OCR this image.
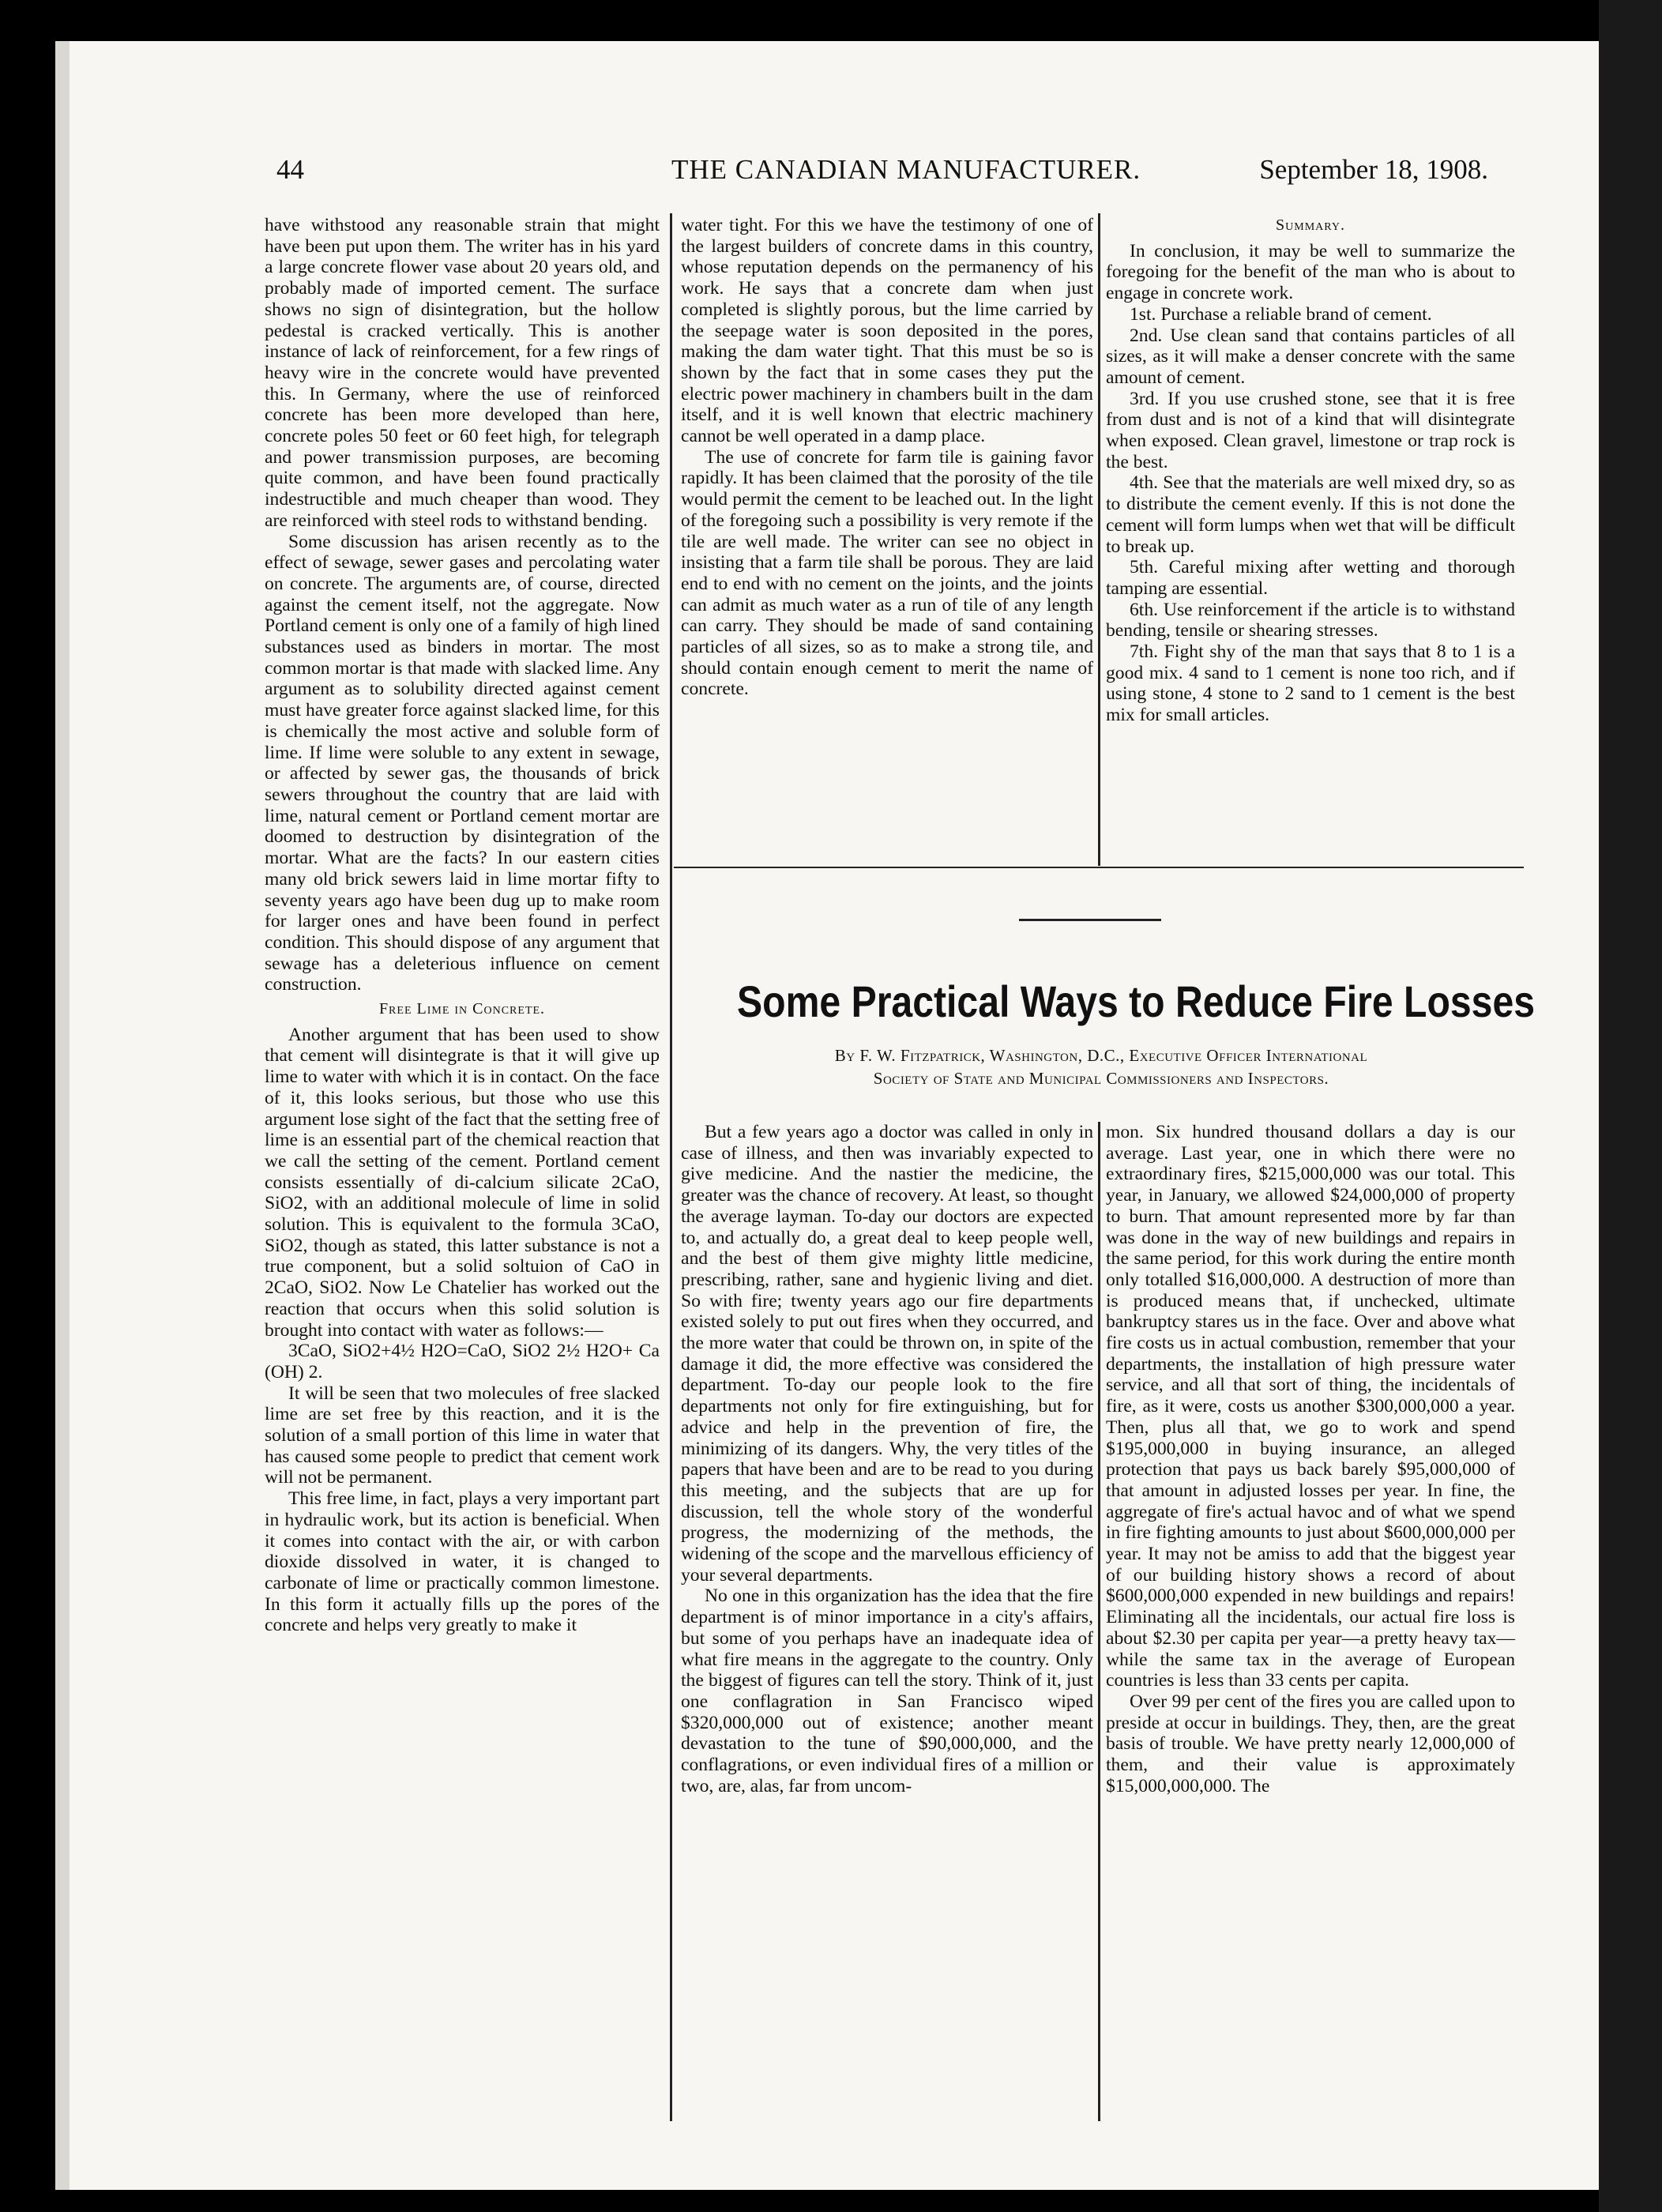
44	THE CANADIAN MANUFACTURER.	September 18, 1908.

have withstood any reasonable strain that might have been put upon them. The writer has in his yard a large concrete flower vase about 20 years old, and probably made of imported cement. The surface shows no sign of disintegration, but the hollow pedestal is cracked vertically. This is another instance of lack of reinforcement, for a few rings of heavy wire in the concrete would have prevented this. In Germany, where the use of reinforced concrete has been more developed than here, concrete poles 50 feet or 60 feet high, for telegraph and power transmission purposes, are becoming quite common, and have been found practically indestructible and much cheaper than wood. They are reinforced with steel rods to withstand bending.

Some discussion has arisen recently as to the effect of sewage, sewer gases and percolating water on concrete. The arguments are, of course, directed against the cement itself, not the aggregate. Now Portland cement is only one of a family of high lined substances used as binders in mortar. The most common mortar is that made with slacked lime. Any argument as to solubility directed against cement must have greater force against slacked lime, for this is chemically the most active and soluble form of lime. If lime were soluble to any extent in sewage, or affected by sewer gas, the thousands of brick sewers throughout the country that are laid with lime, natural cement or Portland cement mortar are doomed to destruction by disintegration of the mortar. What are the facts? In our eastern cities many old brick sewers laid in lime mortar fifty to seventy years ago have been dug up to make room for larger ones and have been found in perfect condition. This should dispose of any argument that sewage has a deleterious influence on cement construction.

Free Lime in Concrete.

Another argument that has been used to show that cement will disintegrate is that it will give up lime to water with which it is in contact. On the face of it, this looks serious, but those who use this argument lose sight of the fact that the setting free of lime is an essential part of the chemical reaction that we call the setting of the cement. Portland cement consists essentially of di-calcium silicate 2CaO, SiO2, with an additional molecule of lime in solid solution. This is equivalent to the formula 3CaO, SiO2, though as stated, this latter substance is not a true component, but a solid soltuion of CaO in 2CaO, SiO2. Now Le Chatelier has worked out the reaction that occurs when this solid solution is brought into contact with water as follows:—

3CaO, SiO2+4½ H2O=CaO, SiO2 2½ H2O+ Ca (OH) 2.

It will be seen that two molecules of free slacked lime are set free by this reaction, and it is the solution of a small portion of this lime in water that has caused some people to predict that cement work will not be permanent.

This free lime, in fact, plays a very important part in hydraulic work, but its action is beneficial. When it comes into contact with the air, or with carbon dioxide dissolved in water, it is changed to carbonate of lime or practically common limestone. In this form it actually fills up the pores of the concrete and helps very greatly to make it

water tight. For this we have the testimony of one of the largest builders of concrete dams in this country, whose reputation depends on the permanency of his work. He says that a concrete dam when just completed is slightly porous, but the lime carried by the seepage water is soon deposited in the pores, making the dam water tight. That this must be so is shown by the fact that in some cases they put the electric power machinery in chambers built in the dam itself, and it is well known that electric machinery cannot be well operated in a damp place.

The use of concrete for farm tile is gaining favor rapidly. It has been claimed that the porosity of the tile would permit the cement to be leached out. In the light of the foregoing such a possibility is very remote if the tile are well made. The writer can see no object in insisting that a farm tile shall be porous. They are laid end to end with no cement on the joints, and the joints can admit as much water as a run of tile of any length can carry. They should be made of sand containing particles of all sizes, so as to make a strong tile, and should contain enough cement to merit the name of concrete.

Summary.

In conclusion, it may be well to summarize the foregoing for the benefit of the man who is about to engage in concrete work.

1st. Purchase a reliable brand of cement.

2nd. Use clean sand that contains particles of all sizes, as it will make a denser concrete with the same amount of cement.

3rd. If you use crushed stone, see that it is free from dust and is not of a kind that will disintegrate when exposed. Clean gravel, limestone or trap rock is the best.

4th. See that the materials are well mixed dry, so as to distribute the cement evenly. If this is not done the cement will form lumps when wet that will be difficult to break up.

5th. Careful mixing after wetting and thorough tamping are essential.

6th. Use reinforcement if the article is to withstand bending, tensile or shearing stresses.

7th. Fight shy of the man that says that 8 to 1 is a good mix. 4 sand to 1 cement is none too rich, and if using stone, 4 stone to 2 sand to 1 cement is the best mix for small articles.

Some Practical Ways to Reduce Fire Losses
By F. W. Fitzpatrick, Washington, D.C., Executive Officer International
Society of State and Municipal Commissioners and Inspectors.

But a few years ago a doctor was called in only in case of illness, and then was invariably expected to give medicine. And the nastier the medicine, the greater was the chance of recovery. At least, so thought the average layman. To-day our doctors are expected to, and actually do, a great deal to keep people well, and the best of them give mighty little medicine, prescribing, rather, sane and hygienic living and diet. So with fire; twenty years ago our fire departments existed solely to put out fires when they occurred, and the more water that could be thrown on, in spite of the damage it did, the more effective was considered the department. To-day our people look to the fire departments not only for fire extinguishing, but for advice and help in the prevention of fire, the minimizing of its dangers. Why, the very titles of the papers that have been and are to be read to you during this meeting, and the subjects that are up for discussion, tell the whole story of the wonderful progress, the modernizing of the methods, the widening of the scope and the marvellous efficiency of your several departments.

No one in this organization has the idea that the fire department is of minor importance in a city's affairs, but some of you perhaps have an inadequate idea of what fire means in the aggregate to the country. Only the biggest of figures can tell the story. Think of it, just one conflagration in San Francisco wiped $320,000,000 out of existence; another meant devastation to the tune of $90,000,000, and the conflagrations, or even individual fires of a million or two, are, alas, far from uncom-

mon. Six hundred thousand dollars a day is our average. Last year, one in which there were no extraordinary fires, $215,000,000 was our total. This year, in January, we allowed $24,000,000 of property to burn. That amount represented more by far than was done in the way of new buildings and repairs in the same period, for this work during the entire month only totalled $16,000,000. A destruction of more than is produced means that, if unchecked, ultimate bankruptcy stares us in the face. Over and above what fire costs us in actual combustion, remember that your departments, the installation of high pressure water service, and all that sort of thing, the incidentals of fire, as it were, costs us another $300,000,000 a year. Then, plus all that, we go to work and spend $195,000,000 in buying insurance, an alleged protection that pays us back barely $95,000,000 of that amount in adjusted losses per year. In fine, the aggregate of fire's actual havoc and of what we spend in fire fighting amounts to just about $600,000,000 per year. It may not be amiss to add that the biggest year of our building history shows a record of about $600,000,000 expended in new buildings and repairs! Eliminating all the incidentals, our actual fire loss is about $2.30 per capita per year—a pretty heavy tax—while the same tax in the average of European countries is less than 33 cents per capita.

Over 99 per cent of the fires you are called upon to preside at occur in buildings. They, then, are the great basis of trouble. We have pretty nearly 12,000,000 of them, and their value is approximately $15,000,000,000. The
